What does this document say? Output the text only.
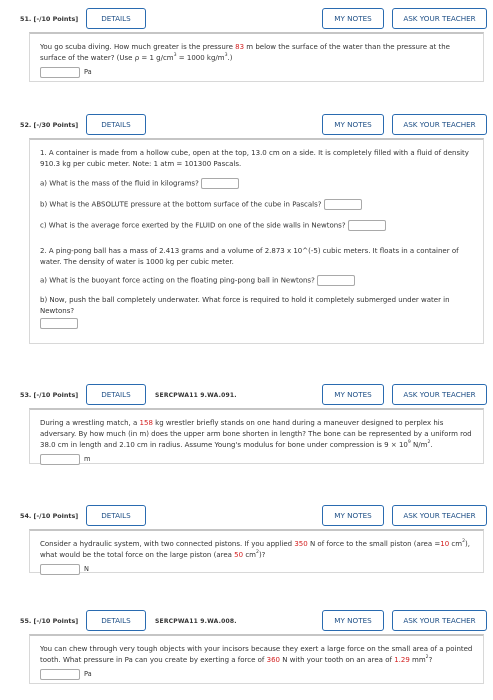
51. [-/10 Points]	DETAILS	MY NOTES	ASK YOUR TEACHER

You go scuba diving. How much greater is the pressure 83 m below the surface of the water than the pressure at the surface of the water? (Use ρ = 1 $g/cm^3 = 1000$ $kg/m^3$.)

Pa
52. [-/30 Points]	DETAILS	MY NOTES	ASK YOUR TEACHER

1. A container is made from a hollow cube, open at the top, 13.0 cm on a side. It is completely filled with a fluid of density 910.3 kg per cubic meter. Note: 1 atm = 101300 Pascals.

a) What is the mass of the fluid in kilograms?

b) What is the ABSOLUTE pressure at the bottom surface of the cube in Pascals?

c) What is the average force exerted by the FLUID on one of the side walls in Newtons?

2. A ping-pong ball has a mass of 2.413 grams and a volume of 2.873 x 10^(-5) cubic meters. It floats in a container of water. The density of water is 1000 kg per cubic meter.

a) What is the buoyant force acting on the floating ping-pong ball in Newtons?

b) Now, push the ball completely underwater. What force is required to hold it completely submerged under water in Newtons?

53. [-/10 Points]	DETAILS	SERCPWA11 9.WA.091.	MY NOTES	ASK YOUR TEACHER

During a wrestling match, a 158 kg wrestler briefly stands on one hand during a maneuver designed to perplex his adversary. By how much (in m) does the upper arm bone shorten in length? The bone can be represented by a uniform rod 38.0 cm in length and 2.10 cm in radius. Assume Young's modulus for bone under compression is $9 \times 10^9$ $N/m^2$.

m
54. [-/10 Points]	DETAILS	MY NOTES	ASK YOUR TEACHER

Consider a hydraulic system, with two connected pistons. If you applied 350 N of force to the small piston (area =10 $cm^2$), what would be the total force on the large piston (area 50 $cm^2$)?

N
55. [-/10 Points]	DETAILS	SERCPWA11 9.WA.008.	MY NOTES	ASK YOUR TEACHER

You can chew through very tough objects with your incisors because they exert a large force on the small area of a pointed tooth. What pressure in Pa can you create by exerting a force of 360 N with your tooth on an area of 1.29 $mm^2$?

Pa
